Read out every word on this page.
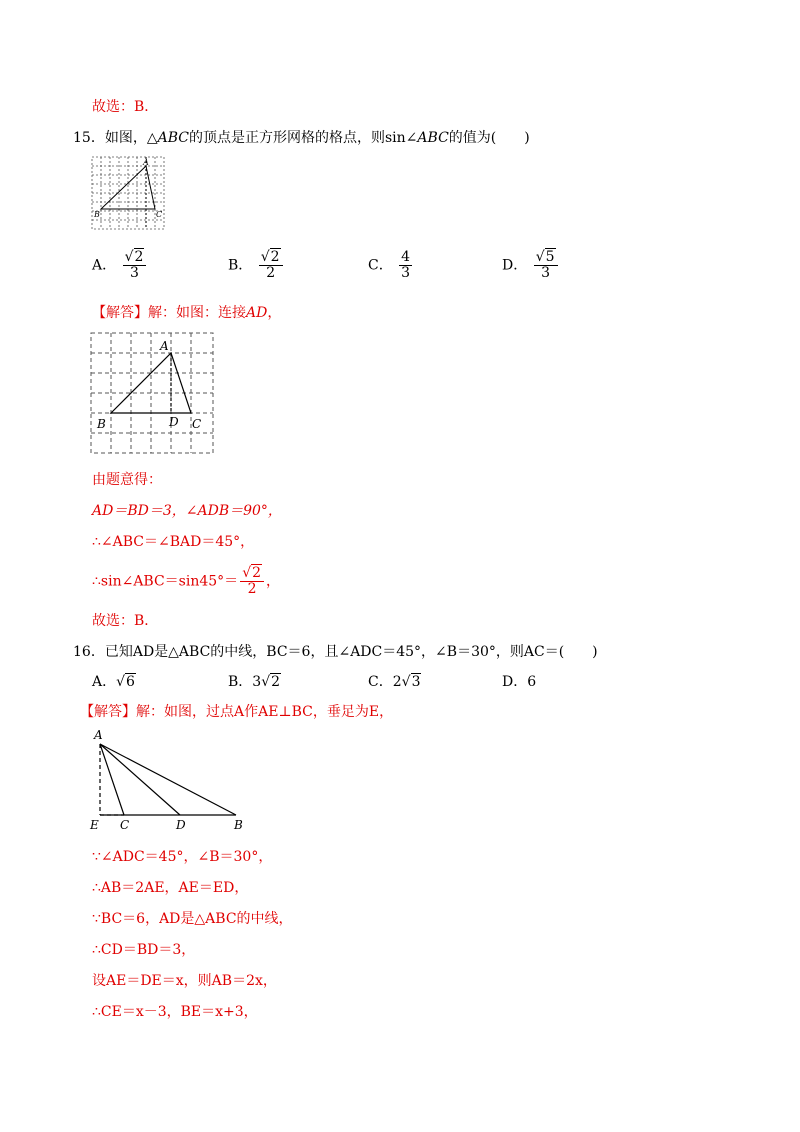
故选：B．
15．如图，△ABC的顶点是正方形网格的格点，则sin∠ABC的值为(　　)
A
B	C
A． $\frac{√2}{3}$	B． $\frac{√2}{2}$	C． $\frac{4}{3}$	D． $\frac{√5}{3}$
【解答】解：如图：连接AD，
A
B	D C
由题意得：
AD＝BD＝3，∠ADB＝90°，
∴∠ABC＝∠BAD＝45°，
∴sin∠ABC＝sin45°＝ $\frac{√2}{2}$ ，
故选：B．
16．已知AD是△ABC的中线，BC＝6，且∠ADC＝45°，∠B＝30°，则AC＝(　　)
A．√6	B．3√2	C．2√3	D．6
【解答】解：如图，过点A作AE⊥BC，垂足为E，
A
E C	D	B
∵∠ADC＝45°，∠B＝30°，
∴AB＝2AE，AE＝ED，
∵BC＝6，AD是△ABC的中线，
∴CD＝BD＝3，
设AE＝DE＝x，则AB＝2x，
∴CE＝x－3，BE＝x+3，
